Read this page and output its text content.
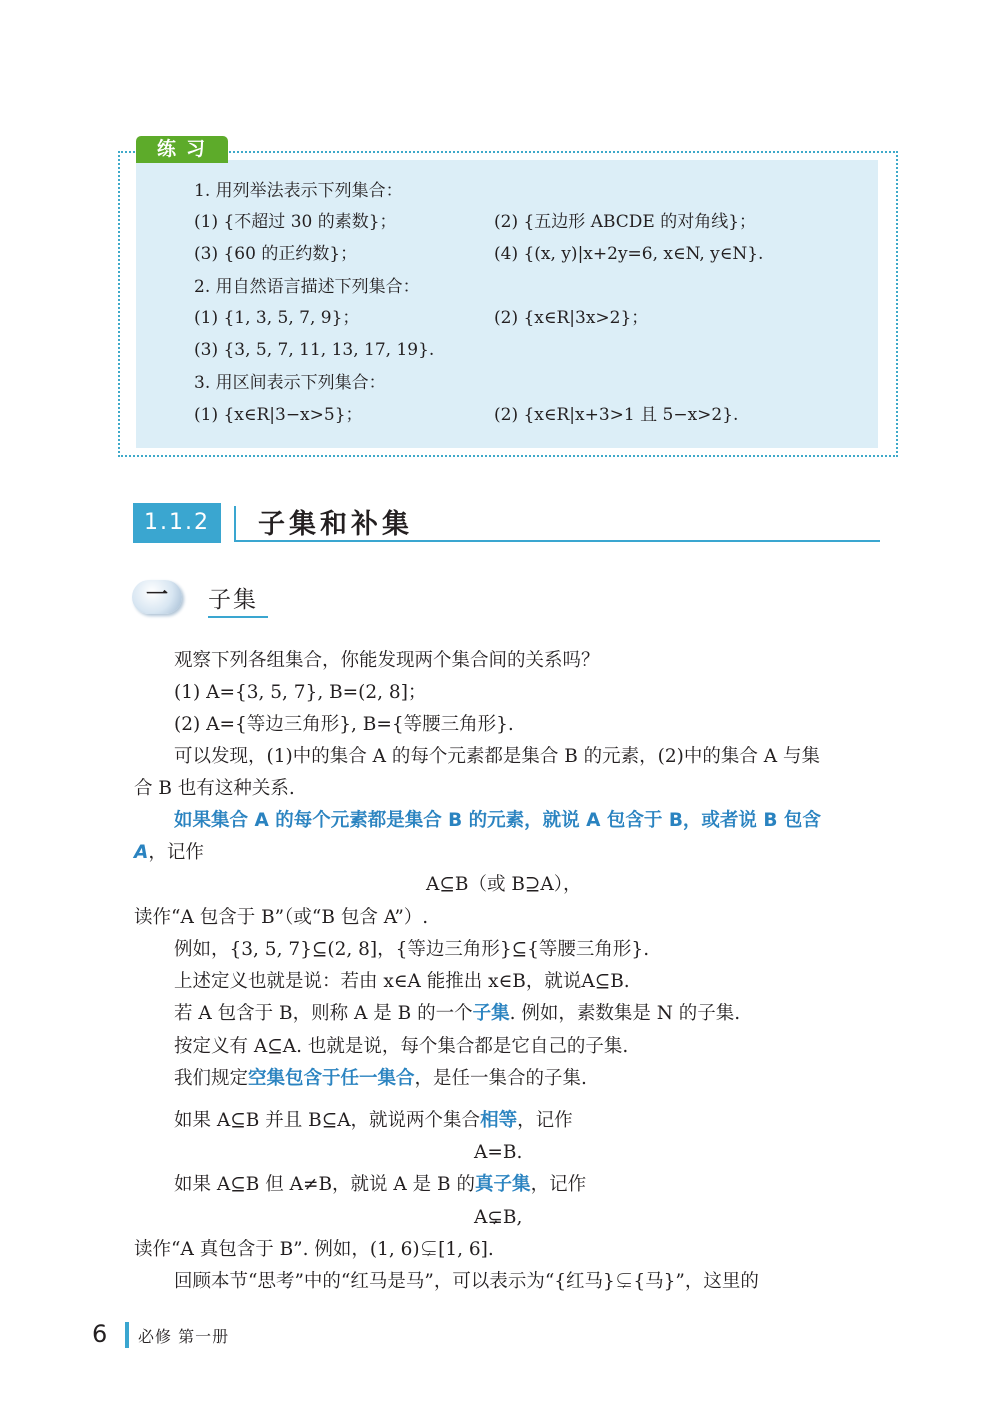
练习
1. 用列举法表示下列集合：
(1) {不超过 30 的素数}；	(2) {五边形 ABCDE 的对角线}；
(3) {60 的正约数}；	(4) {(x, y)|x+2y=6, x∈N, y∈N}.
2. 用自然语言描述下列集合：
(1) {1, 3, 5, 7, 9}；	(2) {x∈R|3x>2}；
(3) {3, 5, 7, 11, 13, 17, 19}.
3. 用区间表示下列集合：
(1) {x∈R|3−x>5}；	(2) {x∈R|x+3>1 且 5−x>2}.
1.1.2	子集和补集
一	子集
观察下列各组集合，你能发现两个集合间的关系吗？
(1) A={3, 5, 7}, B=(2, 8]；
(2) A={等边三角形}, B={等腰三角形}.
可以发现，(1)中的集合 A 的每个元素都是集合 B 的元素，(2)中的集合 A 与集
合 B 也有这种关系.
如果集合 A 的每个元素都是集合 B 的元素，就说 A 包含于 B，或者说 B 包含
A，记作
A⊆B（或 B⊇A），
读作“A 包含于 B”（或“B 包含 A”）.
例如，{3, 5, 7}⊆(2, 8]，{等边三角形}⊆{等腰三角形}.
上述定义也就是说：若由 x∈A 能推出 x∈B，就说A⊆B.
若 A 包含于 B，则称 A 是 B 的一个子集. 例如，素数集是 N 的子集.
按定义有 A⊆A. 也就是说，每个集合都是它自己的子集.
我们规定空集包含于任一集合，是任一集合的子集.
如果 A⊆B 并且 B⊆A，就说两个集合相等，记作
A=B.
如果 A⊆B 但 A≠B，就说 A 是 B 的真子集，记作
A⊊B,
读作“A 真包含于 B”. 例如，(1, 6)⊊[1, 6].
回顾本节“思考”中的“红马是马”，可以表示为“{红马}⊊{马}”，这里的
6 必修 第一册
